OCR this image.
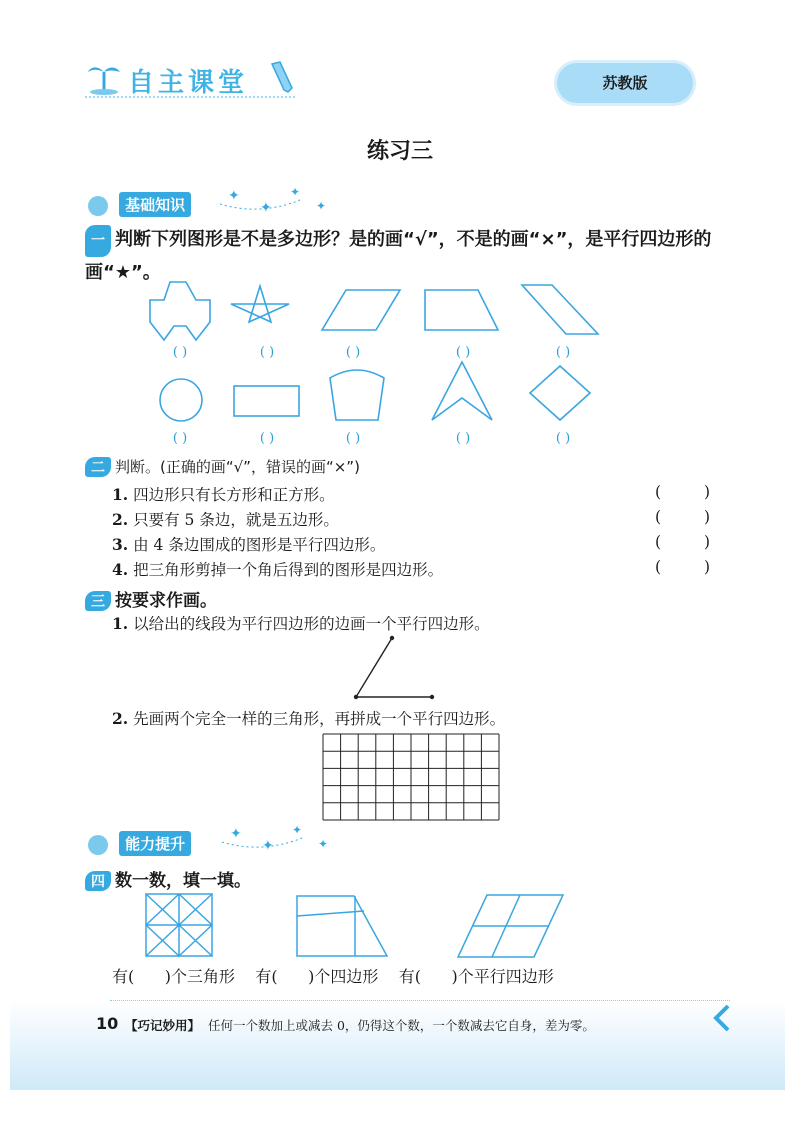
自主课堂	苏教版
练习三
基础知识	✦
✦
✦
✦
一 判断下列图形是不是多边形？是的画“√”，不是的画“×”，是平行四边形的画“★”。
( )	( )	( )	( )	( )
( )	( )	( )	( )	( )
二 判断。(正确的画“√”，错误的画“×”)
1. 四边形只有长方形和正方形。	(	)
2. 只要有 5 条边，就是五边形。	(	)
3. 由 4 条边围成的图形是平行四边形。	(	)
4. 把三角形剪掉一个角后得到的图形是四边形。	(	)
三 按要求作画。
1. 以给出的线段为平行四边形的边画一个平行四边形。
2. 先画两个完全一样的三角形，再拼成一个平行四边形。
能力提升
✦
✦
✦
✦
四 数一数，填一填。
有(      )个三角形    有(      )个四边形    有(      )个平行四边形
10 【巧记妙用】 任何一个数加上或减去 0，仍得这个数，一个数减去它自身，差为零。
